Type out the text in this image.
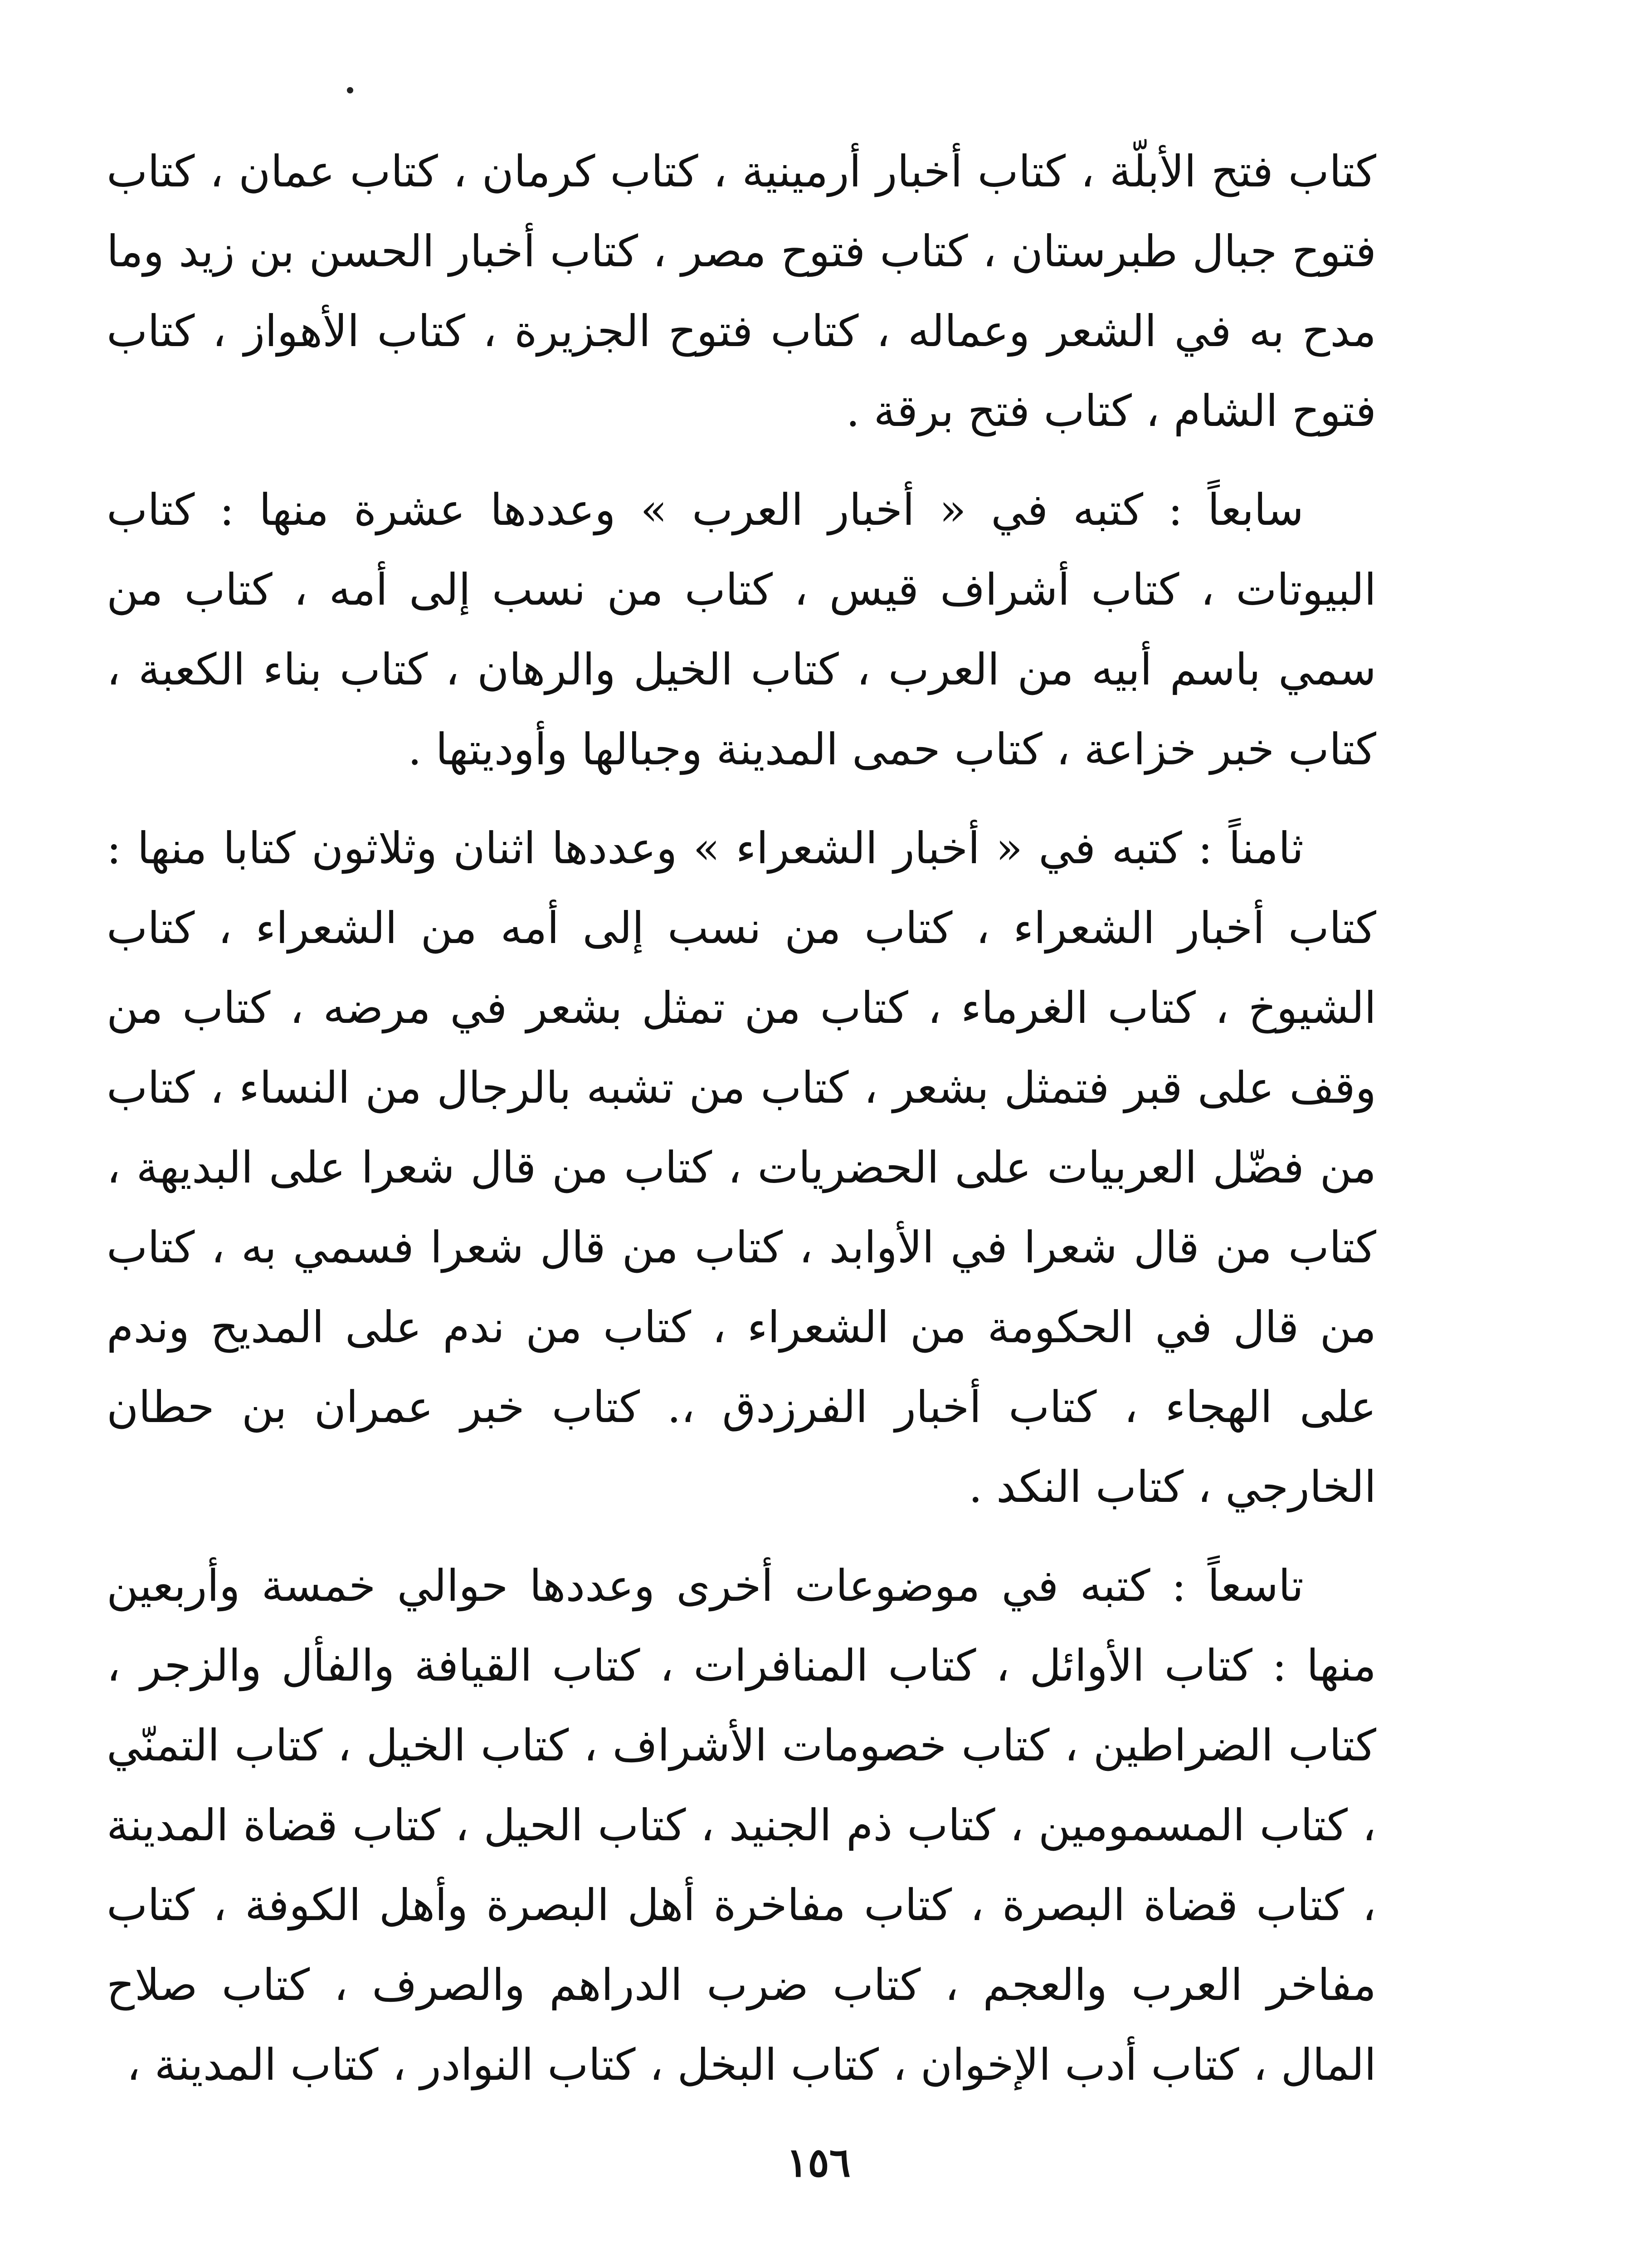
كتاب فتح الأبلّة ، كتاب أخبار أرمينية ، كتاب كرمان ، كتاب عمان ، كتاب فتوح جبال طبرستان ، كتاب فتوح مصر ، كتاب أخبار الحسن بن زيد وما مدح به في الشعر وعماله ، كتاب فتوح الجزيرة ، كتاب الأهواز ، كتاب فتوح الشام ، كتاب فتح برقة .

سابعاً : كتبه في « أخبار العرب » وعددها عشرة منها : كتاب البيوتات ، كتاب أشراف قيس ، كتاب من نسب إلى أمه ، كتاب من سمي باسم أبيه من العرب ، كتاب الخيل والرهان ، كتاب بناء الكعبة ، كتاب خبر خزاعة ، كتاب حمى المدينة وجبالها وأوديتها .

ثامناً : كتبه في « أخبار الشعراء » وعددها اثنان وثلاثون كتابا منها : كتاب أخبار الشعراء ، كتاب من نسب إلى أمه من الشعراء ، كتاب الشيوخ ، كتاب الغرماء ، كتاب من تمثل بشعر في مرضه ، كتاب من وقف على قبر فتمثل بشعر ، كتاب من تشبه بالرجال من النساء ، كتاب من فضّل العربيات على الحضريات ، كتاب من قال شعرا على البديهة ، كتاب من قال شعرا في الأوابد ، كتاب من قال شعرا فسمي به ، كتاب من قال في الحكومة من الشعراء ، كتاب من ندم على المديح وندم على الهجاء ، كتاب أخبار الفرزدق ،. كتاب خبر عمران بن حطان الخارجي ، كتاب النكد .

تاسعاً : كتبه في موضوعات أخرى وعددها حوالي خمسة وأربعين منها : كتاب الأوائل ، كتاب المنافرات ، كتاب القيافة والفأل والزجر ، كتاب الضراطين ، كتاب خصومات الأشراف ، كتاب الخيل ، كتاب التمنّي ، كتاب المسمومين ، كتاب ذم الجنيد ، كتاب الحيل ، كتاب قضاة المدينة ، كتاب قضاة البصرة ، كتاب مفاخرة أهل البصرة وأهل الكوفة ، كتاب مفاخر العرب والعجم ، كتاب ضرب الدراهم والصرف ، كتاب صلاح المال ، كتاب أدب الإخوان ، كتاب البخل ، كتاب النوادر ، كتاب المدينة ،

١٥٦
